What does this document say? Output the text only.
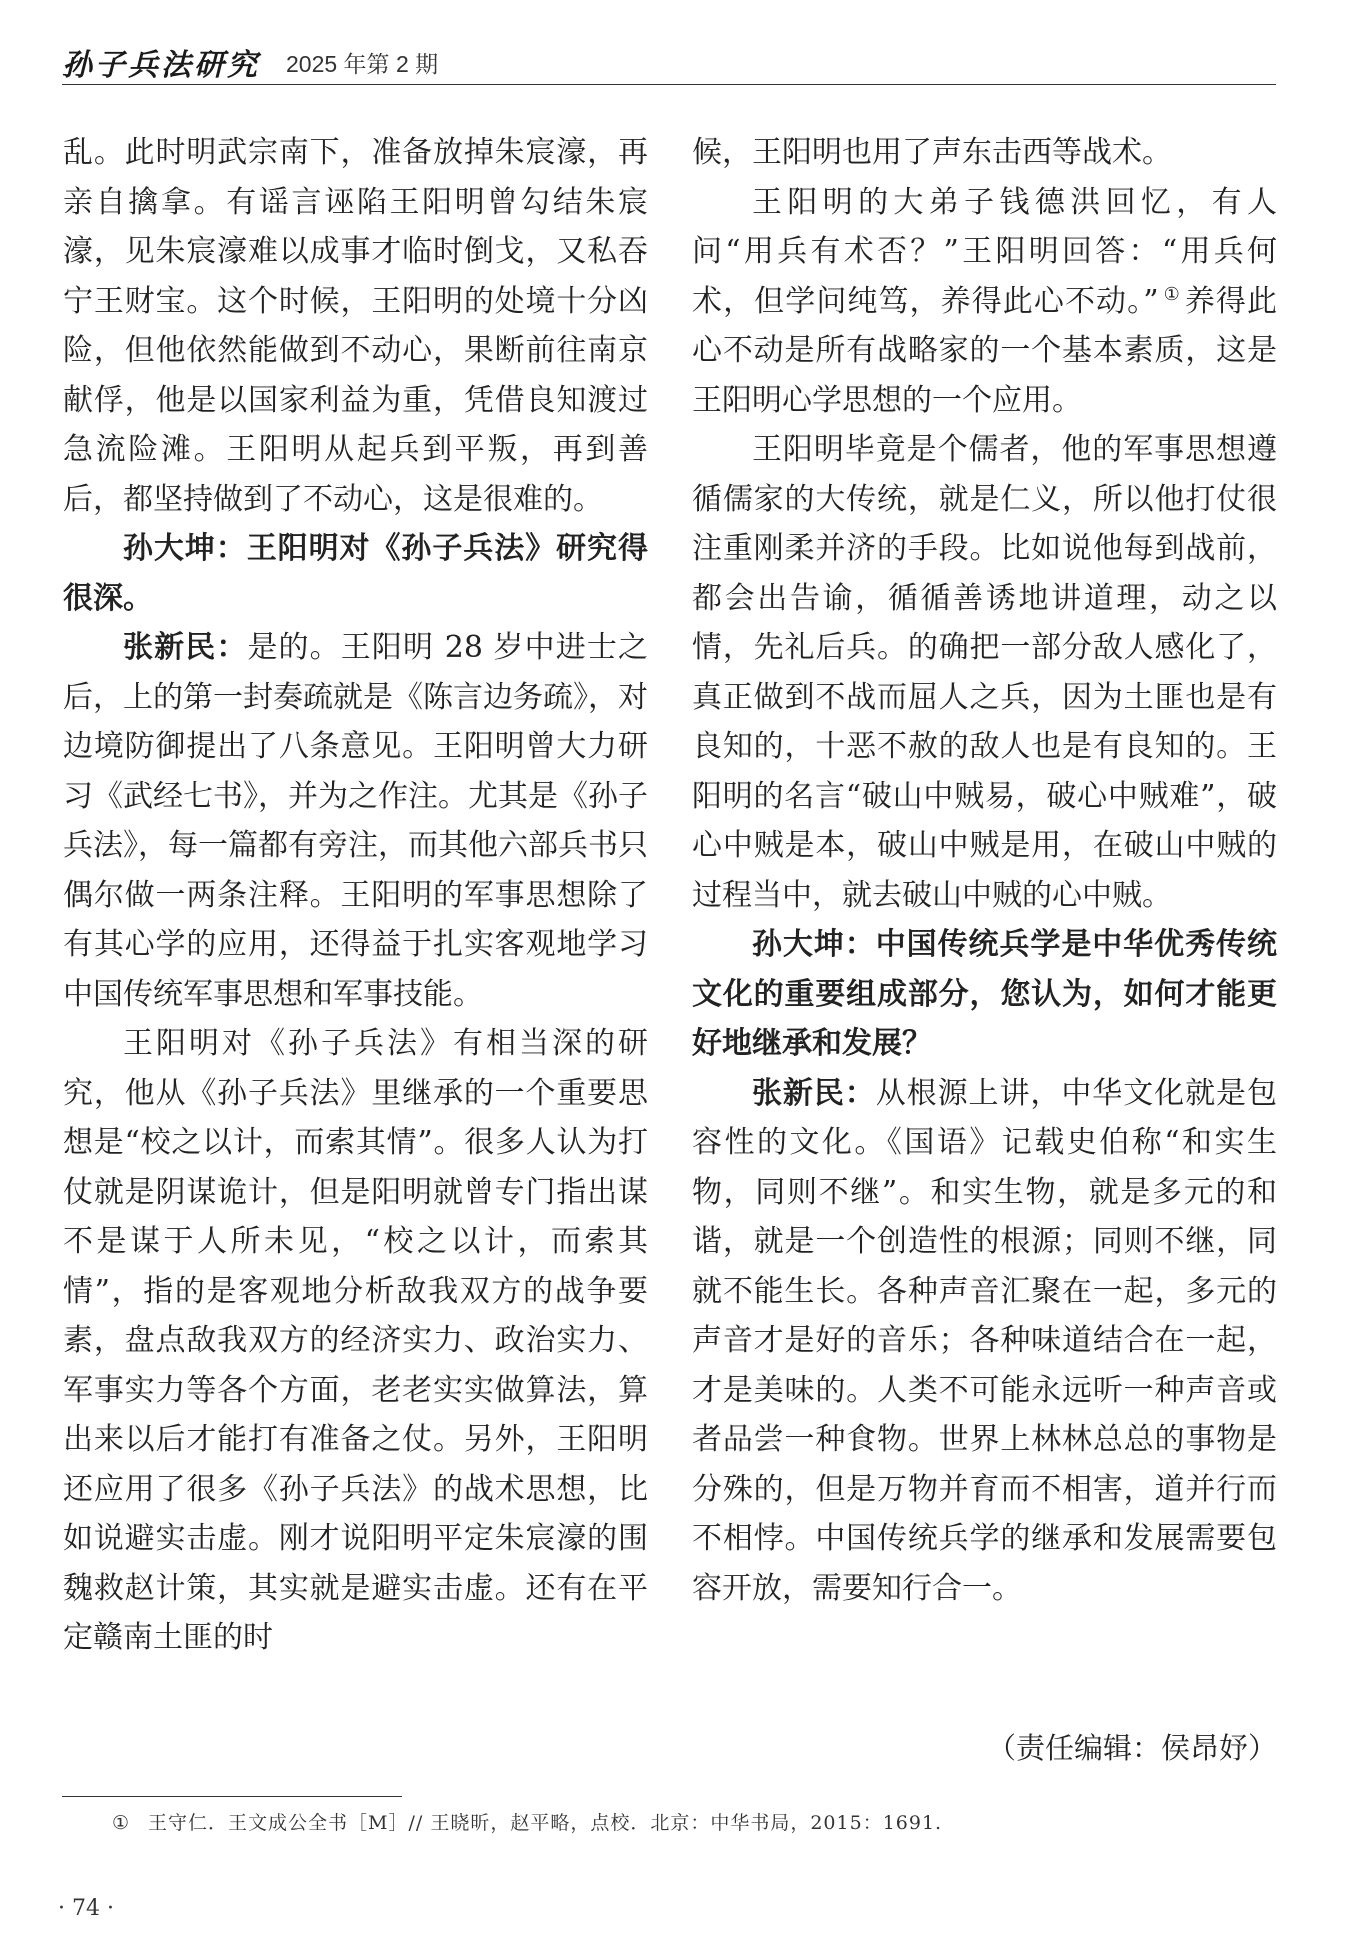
孙子兵法研究 2025 年第 2 期

乱。此时明武宗南下，准备放掉朱宸濠，再亲自擒拿。有谣言诬陷王阳明曾勾结朱宸濠，见朱宸濠难以成事才临时倒戈，又私吞宁王财宝。这个时候，王阳明的处境十分凶险，但他依然能做到不动心，果断前往南京献俘，他是以国家利益为重，凭借良知渡过急流险滩。王阳明从起兵到平叛，再到善后，都坚持做到了不动心，这是很难的。

孙大坤：王阳明对《孙子兵法》研究得很深。

张新民：是的。王阳明 28 岁中进士之后，上的第一封奏疏就是《陈言边务疏》，对边境防御提出了八条意见。王阳明曾大力研习《武经七书》，并为之作注。尤其是《孙子兵法》，每一篇都有旁注，而其他六部兵书只偶尔做一两条注释。王阳明的军事思想除了有其心学的应用，还得益于扎实客观地学习中国传统军事思想和军事技能。

王阳明对《孙子兵法》有相当深的研究，他从《孙子兵法》里继承的一个重要思想是“校之以计，而索其情”。很多人认为打仗就是阴谋诡计，但是阳明就曾专门指出谋不是谋于人所未见，“校之以计，而索其情”，指的是客观地分析敌我双方的战争要素，盘点敌我双方的经济实力、政治实力、军事实力等各个方面，老老实实做算法，算出来以后才能打有准备之仗。另外，王阳明还应用了很多《孙子兵法》的战术思想，比如说避实击虚。刚才说阳明平定朱宸濠的围魏救赵计策，其实就是避实击虚。还有在平定赣南土匪的时

候，王阳明也用了声东击西等战术。

王阳明的大弟子钱德洪回忆，有人问“用兵有术否？”王阳明回答：“用兵何术，但学问纯笃，养得此心不动。” ① 养得此心不动是所有战略家的一个基本素质，这是王阳明心学思想的一个应用。

王阳明毕竟是个儒者，他的军事思想遵循儒家的大传统，就是仁义，所以他打仗很注重刚柔并济的手段。比如说他每到战前，都会出告谕，循循善诱地讲道理，动之以情，先礼后兵。的确把一部分敌人感化了，真正做到不战而屈人之兵，因为土匪也是有良知的，十恶不赦的敌人也是有良知的。王阳明的名言“破山中贼易，破心中贼难”，破心中贼是本，破山中贼是用，在破山中贼的过程当中，就去破山中贼的心中贼。

孙大坤：中国传统兵学是中华优秀传统文化的重要组成部分，您认为，如何才能更好地继承和发展？

张新民：从根源上讲，中华文化就是包容性的文化。《国语》记载史伯称“和实生物，同则不继”。和实生物，就是多元的和谐，就是一个创造性的根源；同则不继，同就不能生长。各种声音汇聚在一起，多元的声音才是好的音乐；各种味道结合在一起，才是美味的。人类不可能永远听一种声音或者品尝一种食物。世界上林林总总的事物是分殊的，但是万物并育而不相害，道并行而不相悖。中国传统兵学的继承和发展需要包容开放，需要知行合一。

（责任编辑：侯昂妤）
① 王守仁．王文成公全书［M］// 王晓昕，赵平略，点校．北京：中华书局，2015：1691.
· 74 ·
